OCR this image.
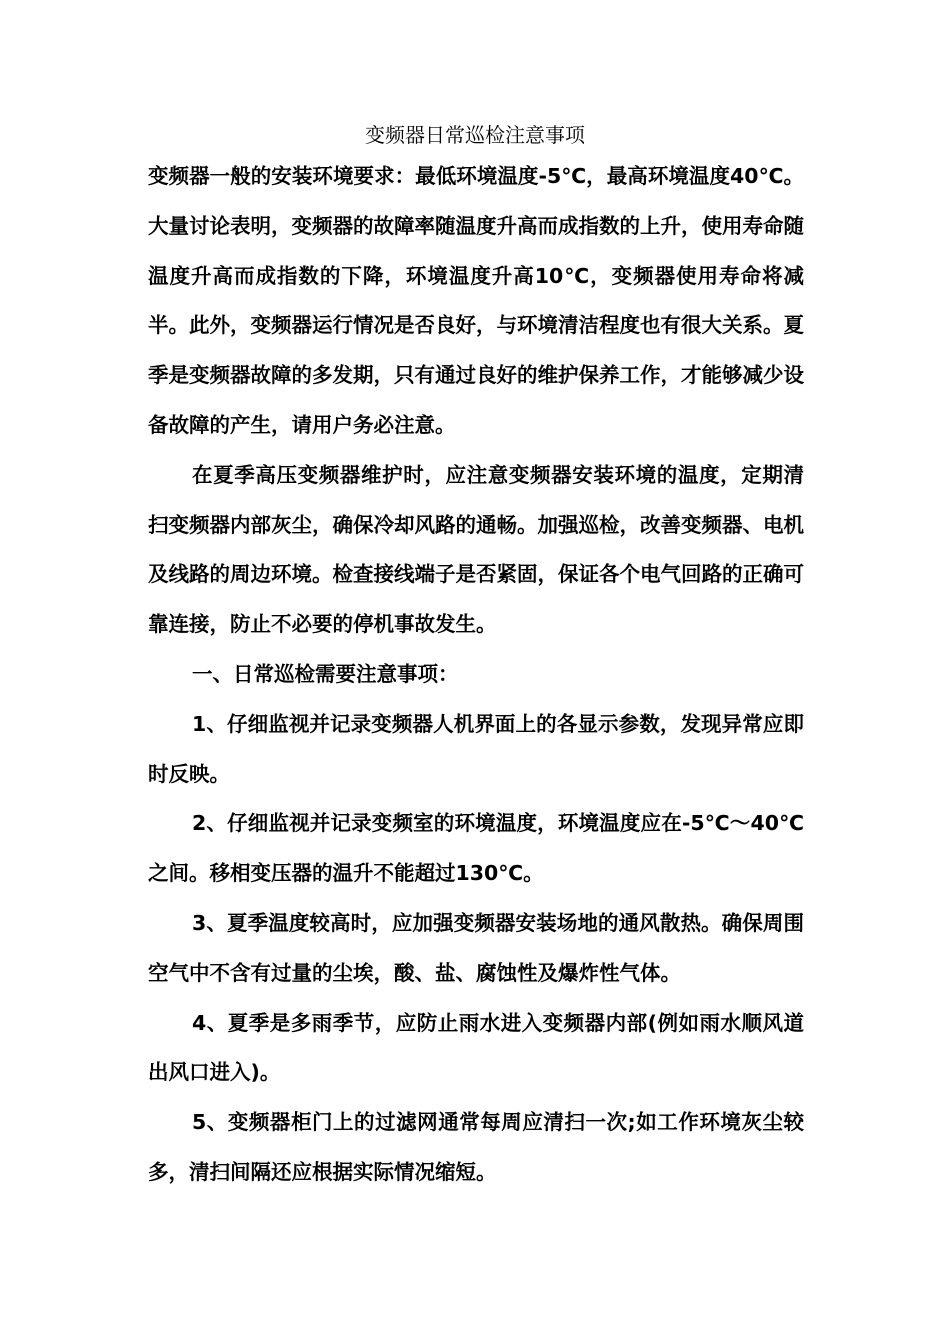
变频器日常巡检注意事项

变频器一般的安装环境要求：最低环境温度-5℃，最高环境温度40℃。大量讨论表明，变频器的故障率随温度升高而成指数的上升，使用寿命随温度升高而成指数的下降，环境温度升高10℃，变频器使用寿命将减半。此外，变频器运行情况是否良好，与环境清洁程度也有很大关系。夏季是变频器故障的多发期，只有通过良好的维护保养工作，才能够减少设备故障的产生，请用户务必注意。

在夏季高压变频器维护时，应注意变频器安装环境的温度，定期清扫变频器内部灰尘，确保冷却风路的通畅。加强巡检，改善变频器、电机及线路的周边环境。检查接线端子是否紧固，保证各个电气回路的正确可靠连接，防止不必要的停机事故发生。

一、日常巡检需要注意事项：

1、仔细监视并记录变频器人机界面上的各显示参数，发现异常应即时反映。

2、仔细监视并记录变频室的环境温度，环境温度应在-5℃～40℃之间。移相变压器的温升不能超过130℃。

3、夏季温度较高时，应加强变频器安装场地的通风散热。确保周围空气中不含有过量的尘埃，酸、盐、腐蚀性及爆炸性气体。

4、夏季是多雨季节，应防止雨水进入变频器内部(例如雨水顺风道出风口进入)。

5、变频器柜门上的过滤网通常每周应清扫一次;如工作环境灰尘较多，清扫间隔还应根据实际情况缩短。
